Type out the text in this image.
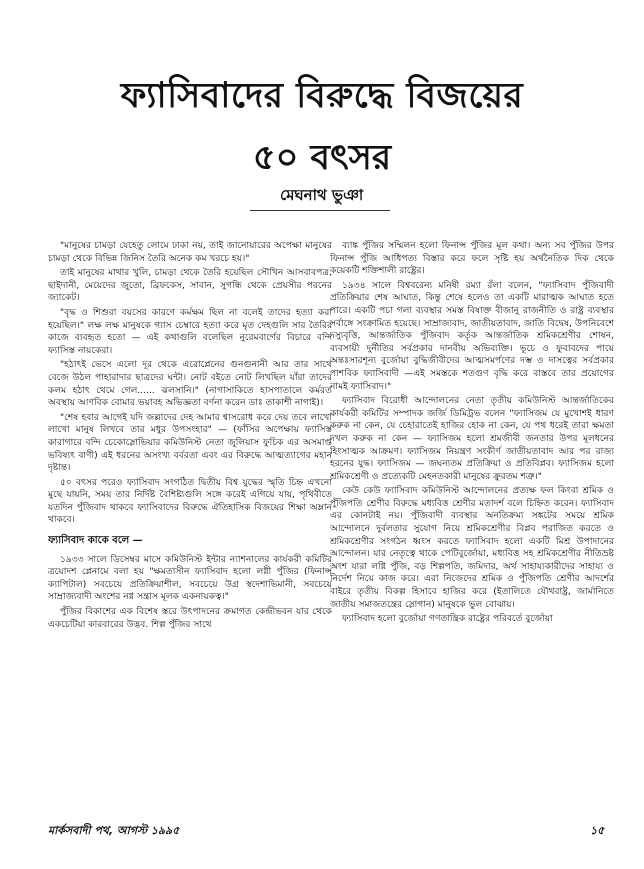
ফ্যাসিবাদের বিরুদ্ধে বিজয়ের
৫০ বৎসর
মেঘনাথ ভুঞা

"মানুষের চামড়া যেহেতু লোমে ঢাকা নয়, তাই জানোয়ারের অপেক্ষা মানুষের চামড়া থেকে বিভিন্ন জিনিস তৈরি অনেক কম খরচে হয়।"

তাই মানুষের মাথার খুলি, চামড়া থেকে তৈরি হয়েছিল সৌখিন আসবাবপত্র, ছাইদানী, মেয়েদের জুতো, ব্রিফকেস, সাবান, সুগন্ধি থেকে প্রেয়সীর পরনের জ্যাকেট।

"বৃদ্ধ ও শিশুরা বয়সের কারণে কর্মক্ষম ছিল না বলেই তাদের হত্যা করা হয়েছিল।" লক্ষ লক্ষ মানুষকে গ্যাস চেম্বারে হত্যা করে মৃত দেহগুলি সার তৈরির কাজে ব্যবহৃত হতো — এই কথাগুলি বলেছিল নুরেমবার্গের বিচারে বন্দি ফ্যাসিস্ত নায়কেরা।

"হঠাৎই ভেসে এলো দূর থেকে এরোপ্লেনের গুনগুনানী আর তার সাথে বেজে উঠল পাহারাদার ছাত্রদের ঘন্টা। নোট বইতে নোট লিখছিল যাঁরা তাদের কলম হঠাৎ থেমে গেল...... ঝলসানি।" (নাগাসাকিতে হাসপাতালে কর্মরত অবস্থায় আণবিক বোমার ভয়াবহ অভিজ্ঞতা বর্ণনা করেন ডাঃ তাকাশী নাগাই)।

"শেষ হবার আগেই যদি জল্লাদের দেহ আমার শ্বাসরোধ করে দেয় তবে লাখো লাখো মানুষ লিখবে তার মধুর উপসংহার" — (ফাঁসির অপেক্ষায় ফ্যাসিস্ত কারাগারে বন্দি চেকোস্লোভিয়ার কমিউনিস্ট নেতা জুলিয়াস ফুচিক এর অসমাপ্ত ভবিষ্যৎ বাণী) এই ধরনের অসংখ্য বর্বরতা এবং এর বিরুদ্ধে আত্মত্যাগের মহান দৃষ্টান্ত।

৫০ বৎসর পরেও ফ্যাসিবাদ সংগঠিত দ্বিতীয় বিশ্ব যুদ্ধের স্মৃতি চিহ্ন এখনো মুছে যায়নি, সময় তার নির্দিষ্ট বৈশিষ্ট্যগুলি সঙ্গে করেই এগিয়ে যায়, পৃথিবীতে যতদিন পুঁজিবাদ থাকবে ফ্যাসিবাদের বিরুদ্ধে ঐতিহাসিক বিজয়ের শিক্ষা অম্লান থাকবে।

ফ্যাসিবাদ কাকে বলে —

১৯৩৩ সালে ডিসেম্বর মাসে কমিউনিস্ট ইন্টার ন্যাশনালের কার্যকরী কমিটির ত্রয়োদশ প্লেনামে বলা হয় "ক্ষমতাসীন ফ্যাসিবাদ হলো লগ্নী পুঁজির (ফিনান্স ক্যাপিটাল) সবচেয়ে প্রতিক্রিয়াশীল, সবচেয়ে উগ্র স্বদেশাভিমানী, সবচেয়ে সাম্রাজ্যবাদী অংশের নগ্ন সন্ত্রাস মূলক একনায়কত্ব।"

পুঁজির বিকাশের এক বিশেষ স্তরে উৎপাদনের ক্রমাগত কেন্দ্রীভবন যার থেকে একচেটিয়া কারবারের উদ্ভব. শিল্প পুঁজির সাথে

ব্যাঙ্ক পুঁজির সম্মিলন হলো ফিনান্স পুঁজির মূল কথা। অন্য সব পুঁজির উপর ফিনান্স পুঁজি আধিপত্য বিস্তার করে ফলে সৃষ্টি হয় অর্থনৈতিক দিক থেকে কয়েকটি শক্তিশালী রাষ্ট্রের।

১৯৩৪ সালে বিশ্ববরেন্য মনিষী রম্যা রঁলা বলেন, "ফ্যাসিবাদ পুঁজিবাদী প্রতিক্রিয়ার শেষ আঘাত, কিন্তু শেষে হলেও তা একটি মারাত্মক আঘাত হতে পারে। একটি পচা গলা ব্যবস্থার সমস্ত বিষাক্ত বীজানু রাজনীতি ও রাষ্ট্র ব্যবস্থার সর্বাঙ্গে সংক্রামিত হয়েছে। সাম্রাজ্যবাদ, জাতীয়তাবাদ, জাতি বিদ্বেষ, উপনিবেশে দস্যুবৃত্তি, আন্তর্জাতিক পুঁজিবাদ কর্তৃক আন্তর্জাতিক শ্রমিকশ্রেণীর শোষন, ব্যবসায়ী দুর্নীতির সর্বপ্রকার দানবীয় অভিব্যক্তি। ভূচে ও ফুবাবদের পায়ে অন্তঃসারশূন্য বুর্জোয়া বুদ্ধিজীবীদের আত্মসমর্পণের দম্ভ ও দাসত্বের সর্বপ্রকার পাশবিক ফ্যাসিবাদী —এই সমস্তকে শতগুণ বৃদ্ধি করে বাস্তবে তার প্রয়োগের নামই ফ্যাসিবাদ।"

ফ্যাসিবাদ বিরোধী আন্দোলনের নেতা তৃতীয় কমিউনিস্ট আন্তর্জাতিকের কার্যকরী কমিটির সম্পাদক জর্জি ডিমিট্রভ বলেন "ফ্যাসিজম যে মুখোশই ধারণ করুক না কেন, যে চেহারাতেই হাজির হোক না কেন, যে পথ ধরেই তারা ক্ষমতা দখল করুক না কেন — ফ্যাসিজম হলো শ্রমজীবী জনতার উপর মূলধনের হিংসাত্মক আক্রমণ। ফ্যাসিজম নিয়ন্ত্রণ সংকীর্ণ জাতীয়তাবাদ আর পর রাজ্য হরনের যুদ্ধ। ফ্যাসিজম — জঘন্যতম প্রতিক্রিয়া ও প্রতিবিপ্লব। ফ্যাসিজম হলো শ্রমিকশ্রেণী ও প্রত্যেকটি মেহনতকারী মানুষের ক্রুরতম শত্রু।"

কেউ কেউ ফ্যাসিবাদ কমিউনিস্ট আন্দোলনের প্রত্যক্ষ ফল কিংবা শ্রমিক ও পুঁজিপতি শ্রেণীর বিরুদ্ধে মধ্যবিত্ত শ্রেণীর মতাদর্শ বলে চিহ্নিত করেন। ফ্যাসিবাদ এর কোনটাই নয়। পুঁজিবাদী ব্যবস্থার অনতিক্রম্য সঙ্কটের সময়ে শ্রমিক আন্দোলনে দুর্বলতার সুযোগ নিয়ে শ্রমিকশ্রেণীর বিপ্লব পরাজিত করতে ও শ্রমিকশ্রেণীর সংগঠন ধ্বংস করতে ফ্যাসিবাদ হলো একটি মিশ্র উপাদানের আন্দোলন। যার নেতৃত্বে থাকে পেটিবুর্জোয়া, মধ্যবিত্ত সহ শ্রমিকশ্রেণীর নীতিভ্রষ্ট অংশ যারা লগ্নি পুঁজি, বড় শিল্পপতি, জমিদার, অর্থ সাহায্যকারীদের সাহায্য ও নির্দেশ নিয়ে কাজ করে। এরা নিজেদের শ্রমিক ও পুঁজিপতি শ্রেণীর আদর্শের বাইরে তৃতীয় বিকল্প হিসাবে হাজির করে (ইতালিতে যৌথরাষ্ট্র, জার্মানিতে জাতীয় সমাজতন্ত্রের স্লোগান) মানুষকে ভুল বোঝায়।

ফ্যাসিবাদ হলো বুর্জোয়া গণতান্ত্রিক রাষ্ট্রের পরিবর্তে বুর্জোয়া

মার্কসবাদী পথ, আগস্ট ১৯৯৫	১৫
